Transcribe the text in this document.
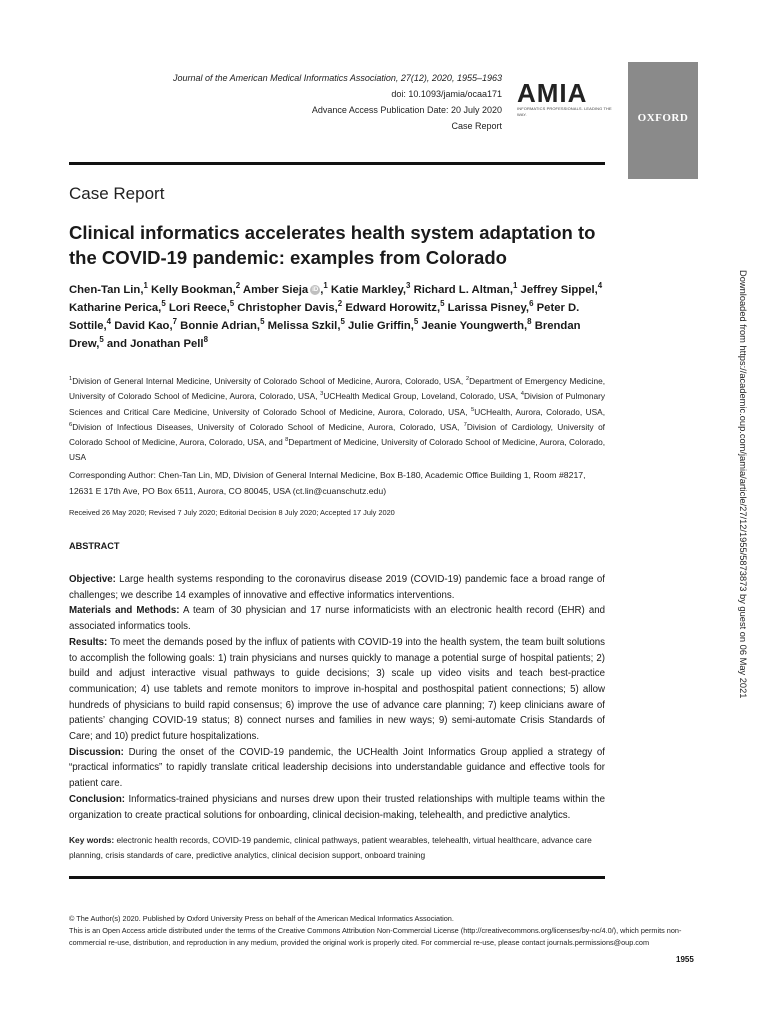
Journal of the American Medical Informatics Association, 27(12), 2020, 1955–1963
doi: 10.1093/jamia/ocaa171
Advance Access Publication Date: 20 July 2020
Case Report
AMIA
INFORMATICS PROFESSIONALS. LEADING THE WAY.	OXFORD
Case Report
Clinical informatics accelerates health system adaptation to the COVID-19 pandemic: examples from Colorado
Chen-Tan Lin,$^1$ Kelly Bookman,$^2$ Amber Sieja iD ,$^1$ Katie Markley,$^3$ Richard L. Altman,$^1$ Jeffrey Sippel,$^4$ Katharine Perica,$^5$ Lori Reece,$^5$ Christopher Davis,$^2$ Edward Horowitz,$^5$ Larissa Pisney,$^6$ Peter D. Sottile,$^4$ David Kao,$^7$ Bonnie Adrian,$^5$ Melissa Szkil,$^5$ Julie Griffin,$^5$ Jeanie Youngwerth,$^8$ Brendan Drew,$^5$ and Jonathan Pell$^8$
$^1$Division of General Internal Medicine, University of Colorado School of Medicine, Aurora, Colorado, USA, $^2$Department of Emergency Medicine, University of Colorado School of Medicine, Aurora, Colorado, USA, $^3$UCHealth Medical Group, Loveland, Colorado, USA, $^4$Division of Pulmonary Sciences and Critical Care Medicine, University of Colorado School of Medicine, Aurora, Colorado, USA, $^5$UCHealth, Aurora, Colorado, USA, $^6$Division of Infectious Diseases, University of Colorado School of Medicine, Aurora, Colorado, USA, $^7$Division of Cardiology, University of Colorado School of Medicine, Aurora, Colorado, USA, and $^8$Department of Medicine, University of Colorado School of Medicine, Aurora, Colorado, USA
Corresponding Author: Chen-Tan Lin, MD, Division of General Internal Medicine, Box B-180, Academic Office Building 1, Room #8217, 12631 E 17th Ave, PO Box 6511, Aurora, CO 80045, USA (ct.lin@cuanschutz.edu)
Received 26 May 2020; Revised 7 July 2020; Editorial Decision 8 July 2020; Accepted 17 July 2020
ABSTRACT
Objective: Large health systems responding to the coronavirus disease 2019 (COVID-19) pandemic face a broad range of challenges; we describe 14 examples of innovative and effective informatics interventions.
Materials and Methods: A team of 30 physician and 17 nurse informaticists with an electronic health record (EHR) and associated informatics tools.
Results: To meet the demands posed by the influx of patients with COVID-19 into the health system, the team built solutions to accomplish the following goals: 1) train physicians and nurses quickly to manage a potential surge of hospital patients; 2) build and adjust interactive visual pathways to guide decisions; 3) scale up video visits and teach best-practice communication; 4) use tablets and remote monitors to improve in-hospital and posthospital patient connections; 5) allow hundreds of physicians to build rapid consensus; 6) improve the use of advance care planning; 7) keep clinicians aware of patients’ changing COVID-19 status; 8) connect nurses and families in new ways; 9) semi-automate Crisis Standards of Care; and 10) predict future hospitalizations.
Discussion: During the onset of the COVID-19 pandemic, the UCHealth Joint Informatics Group applied a strategy of “practical informatics” to rapidly translate critical leadership decisions into understandable guidance and effective tools for patient care.
Conclusion: Informatics-trained physicians and nurses drew upon their trusted relationships with multiple teams within the organization to create practical solutions for onboarding, clinical decision-making, telehealth, and predictive analytics.
Key words: electronic health records, COVID-19 pandemic, clinical pathways, patient wearables, telehealth, virtual healthcare, advance care planning, crisis standards of care, predictive analytics, clinical decision support, onboard training
© The Author(s) 2020. Published by Oxford University Press on behalf of the American Medical Informatics Association.
This is an Open Access article distributed under the terms of the Creative Commons Attribution Non-Commercial License (http://creativecommons.org/licenses/by-nc/4.0/), which permits non-commercial re-use, distribution, and reproduction in any medium, provided the original work is properly cited. For commercial re-use, please contact journals.permissions@oup.com
1955
Downloaded from https://academic.oup.com/jamia/article/27/12/1955/5873873 by guest on 06 May 2021
